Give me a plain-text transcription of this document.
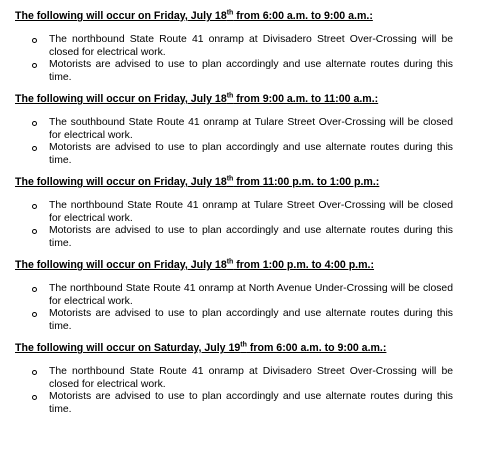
The following will occur on Friday, July 18th from 6:00 a.m. to 9:00 a.m.:
The northbound State Route 41 onramp at Divisadero Street Over-Crossing will be closed for electrical work.
Motorists are advised to use to plan accordingly and use alternate routes during this time.
The following will occur on Friday, July 18th from 9:00 a.m. to 11:00 a.m.:
The southbound State Route 41 onramp at Tulare Street Over-Crossing will be closed for electrical work.
Motorists are advised to use to plan accordingly and use alternate routes during this time.
The following will occur on Friday, July 18th from 11:00 p.m. to 1:00 p.m.:
The northbound State Route 41 onramp at Tulare Street Over-Crossing will be closed for electrical work.
Motorists are advised to use to plan accordingly and use alternate routes during this time.
The following will occur on Friday, July 18th from 1:00 p.m. to 4:00 p.m.:
The northbound State Route 41 onramp at North Avenue Under-Crossing will be closed for electrical work.
Motorists are advised to use to plan accordingly and use alternate routes during this time.
The following will occur on Saturday, July 19th from 6:00 a.m. to 9:00 a.m.:
The northbound State Route 41 onramp at Divisadero Street Over-Crossing will be closed for electrical work.
Motorists are advised to use to plan accordingly and use alternate routes during this time.
